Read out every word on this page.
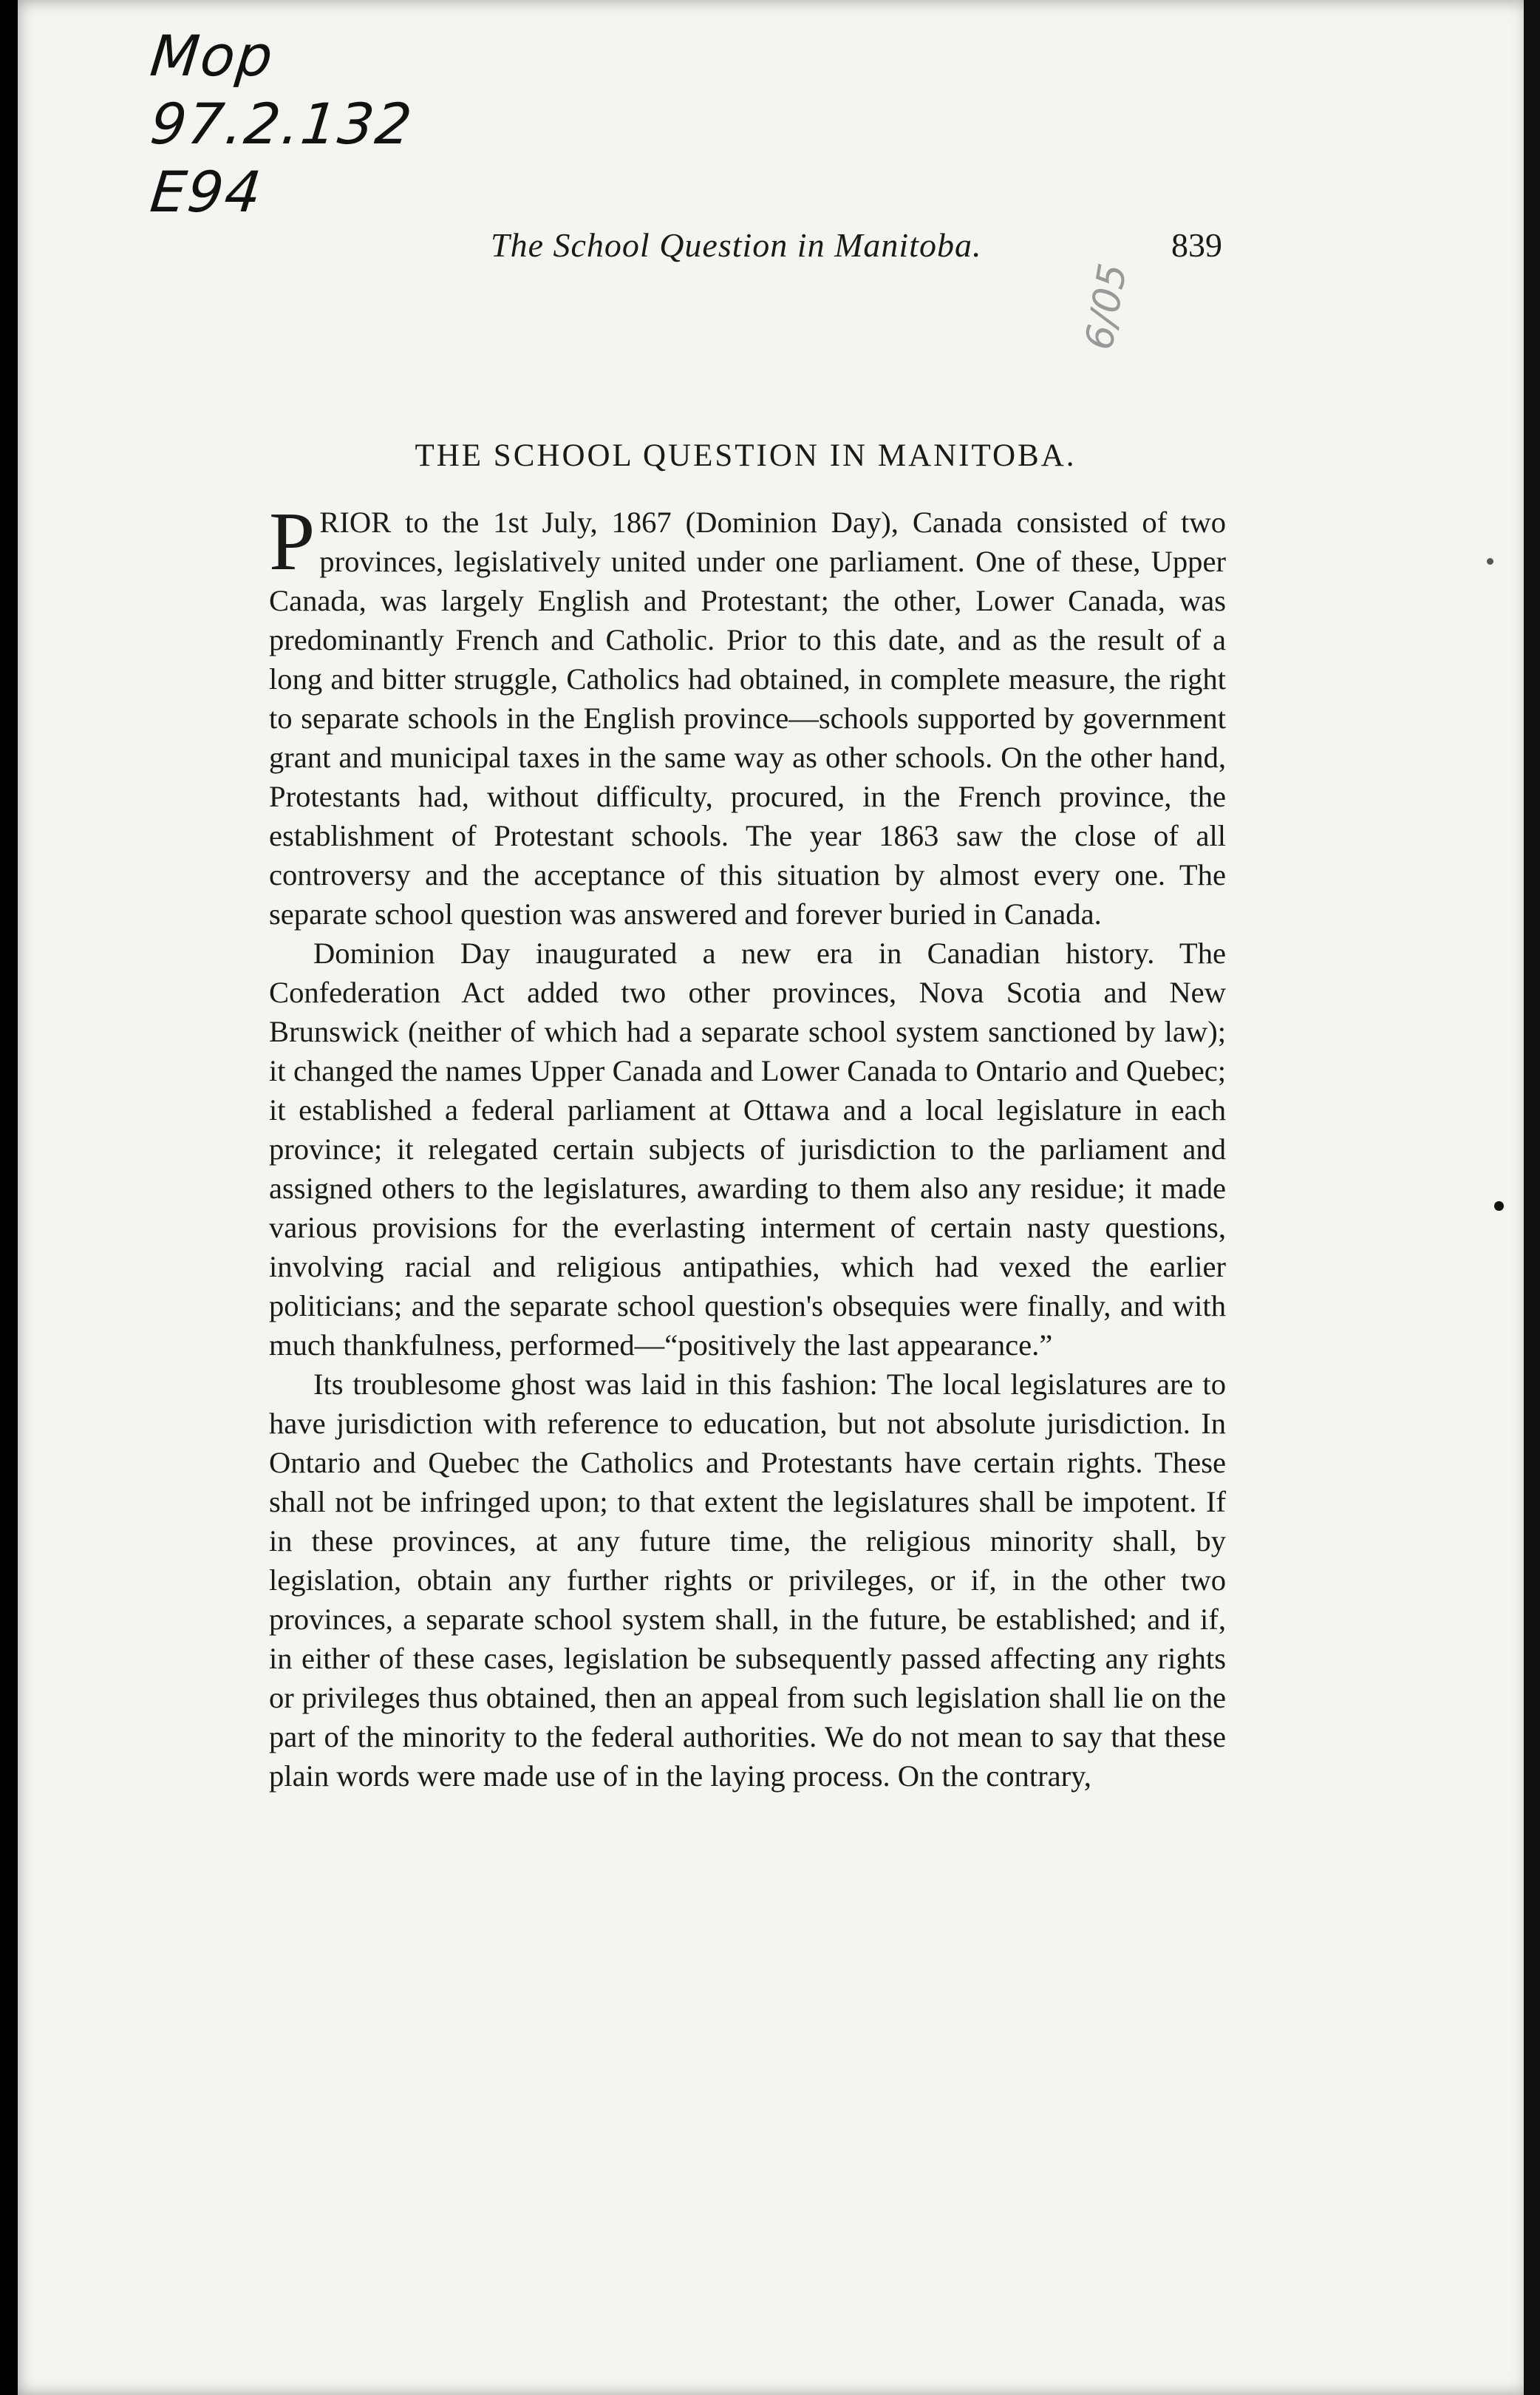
Mop
97.2.132
E94
6/05
The School Question in Manitoba.	839
THE SCHOOL QUESTION IN MANITOBA.

PRIOR to the 1st July, 1867 (Dominion Day), Canada consisted of two provinces, legislatively united under one parliament. One of these, Upper Canada, was largely English and Protestant; the other, Lower Canada, was predominantly French and Catholic. Prior to this date, and as the result of a long and bitter struggle, Catholics had obtained, in complete measure, the right to separate schools in the English province—schools supported by government grant and municipal taxes in the same way as other schools. On the other hand, Protestants had, without difficulty, procured, in the French province, the establishment of Protestant schools. The year 1863 saw the close of all controversy and the acceptance of this situation by almost every one. The separate school question was answered and forever buried in Canada.

Dominion Day inaugurated a new era in Canadian history. The Confederation Act added two other provinces, Nova Scotia and New Brunswick (neither of which had a separate school system sanctioned by law); it changed the names Upper Canada and Lower Canada to Ontario and Quebec; it established a federal parliament at Ottawa and a local legislature in each province; it relegated certain subjects of jurisdiction to the parliament and assigned others to the legislatures, awarding to them also any residue; it made various provisions for the everlasting interment of certain nasty questions, involving racial and religious antipathies, which had vexed the earlier politicians; and the separate school question's obsequies were finally, and with much thankfulness, performed—“positively the last appearance.”

Its troublesome ghost was laid in this fashion: The local legislatures are to have jurisdiction with reference to education, but not absolute jurisdiction. In Ontario and Quebec the Catholics and Protestants have certain rights. These shall not be infringed upon; to that extent the legislatures shall be impotent. If in these provinces, at any future time, the religious minority shall, by legislation, obtain any further rights or privileges, or if, in the other two provinces, a separate school system shall, in the future, be established; and if, in either of these cases, legislation be subsequently passed affecting any rights or privileges thus obtained, then an appeal from such legislation shall lie on the part of the minority to the federal authorities. We do not mean to say that these plain words were made use of in the laying process. On the contrary,
